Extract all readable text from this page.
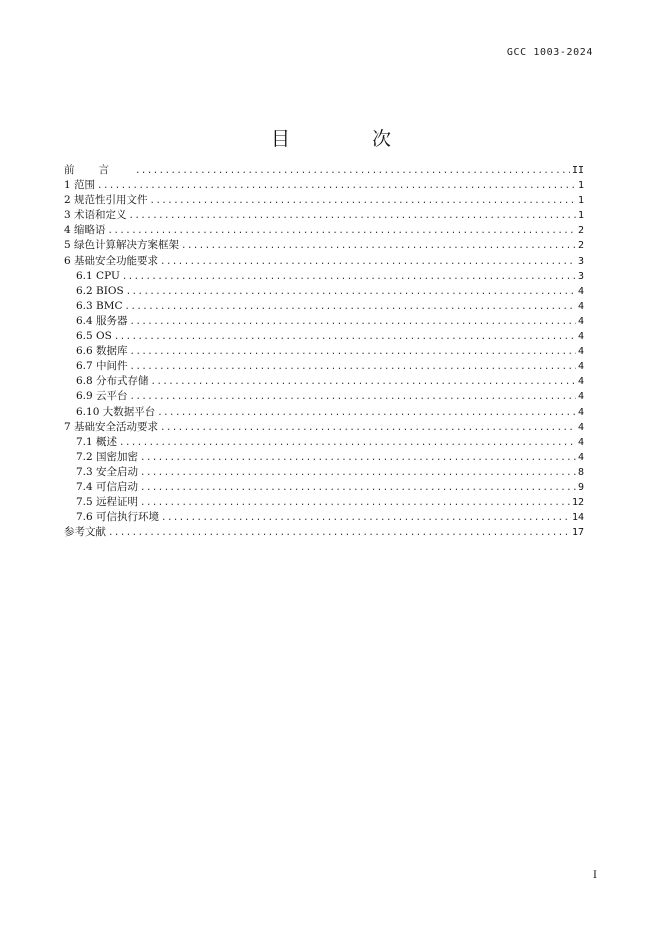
GCC 1003-2024
目 次
前言 .....	II
1 范围 .....	1
2 规范性引用文件 .....	1
3 术语和定义 .....	1
4 缩略语 .....	2
5 绿色计算解决方案框架 .....	2
6 基础安全功能要求 .....	3
6.1 CPU .....	3
6.2 BIOS .....	4
6.3 BMC .....	4
6.4 服务器 .....	4
6.5 OS .....	4
6.6 数据库 .....	4
6.7 中间件 .....	4
6.8 分布式存储 .....	4
6.9 云平台 .....	4
6.10 大数据平台 .....	4
7 基础安全活动要求 .....	4
7.1 概述 .....	4
7.2 国密加密 .....	4
7.3 安全启动 .....	8
7.4 可信启动 .....	9
7.5 远程证明 .....	12
7.6 可信执行环境 .....	14
参考文献 .....	17
I
